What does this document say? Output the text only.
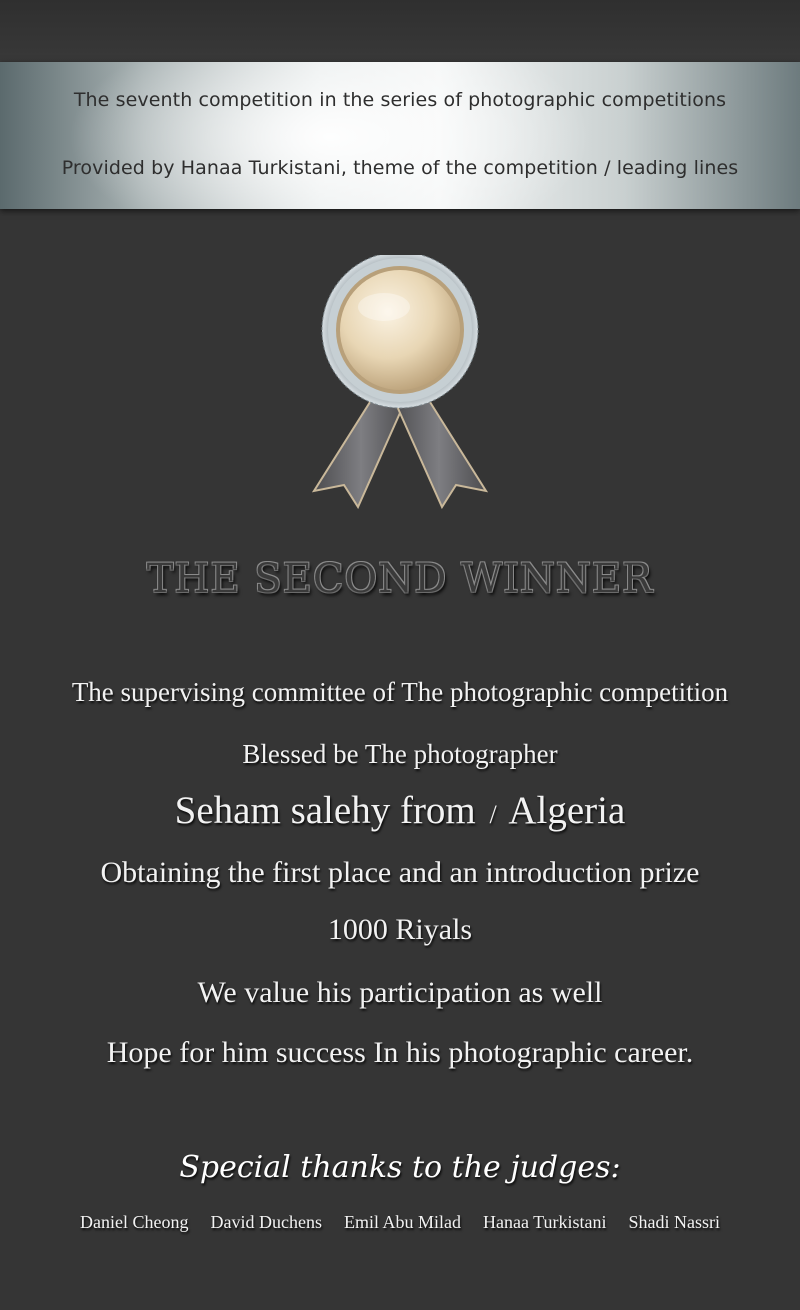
The seventh competition in the series of photographic competitions
Provided by Hanaa Turkistani, theme of the competition / leading lines
THE SECOND WINNER
The supervising committee of The photographic competition
Blessed be The photographer
Seham salehy from / Algeria
Obtaining the first place and an introduction prize
1000 Riyals
We value his participation as well
Hope for him success In his photographic career.
Special thanks to the judges:
Daniel Cheong David Duchens Emil Abu Milad Hanaa Turkistani Shadi Nassri
